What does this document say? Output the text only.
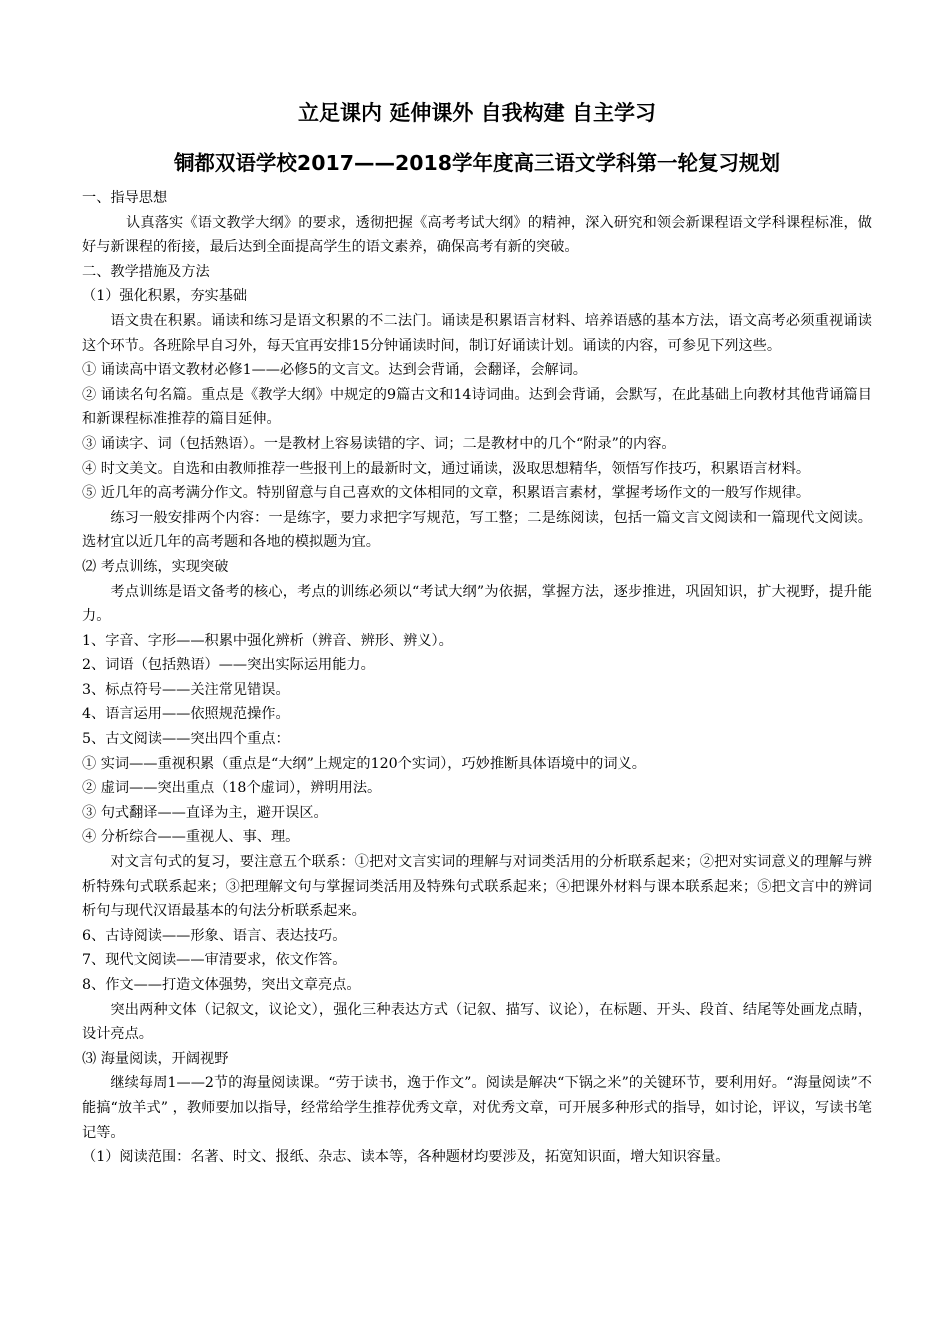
立足课内 延伸课外 自我构建 自主学习
铜都双语学校2017——2018学年度高三语文学科第一轮复习规划

一、指导思想

认真落实《语文教学大纲》的要求，透彻把握《高考考试大纲》的精神，深入研究和领会新课程语文学科课程标准，做好与新课程的衔接，最后达到全面提高学生的语文素养，确保高考有新的突破。

二、教学措施及方法

（1）强化积累，夯实基础

语文贵在积累。诵读和练习是语文积累的不二法门。诵读是积累语言材料、培养语感的基本方法，语文高考必须重视诵读这个环节。各班除早自习外，每天宜再安排15分钟诵读时间，制订好诵读计划。诵读的内容，可参见下列这些。

① 诵读高中语文教材必修1——必修5的文言文。达到会背诵，会翻译，会解词。

② 诵读名句名篇。重点是《教学大纲》中规定的9篇古文和14诗词曲。达到会背诵，会默写，在此基础上向教材其他背诵篇目和新课程标准推荐的篇目延伸。

③ 诵读字、词（包括熟语）。一是教材上容易读错的字、词；二是教材中的几个“附录”的内容。

④ 时文美文。自选和由教师推荐一些报刊上的最新时文，通过诵读，汲取思想精华，领悟写作技巧，积累语言材料。

⑤ 近几年的高考满分作文。特别留意与自己喜欢的文体相同的文章，积累语言素材，掌握考场作文的一般写作规律。

练习一般安排两个内容：一是练字，要力求把字写规范，写工整；二是练阅读，包括一篇文言文阅读和一篇现代文阅读。选材宜以近几年的高考题和各地的模拟题为宜。

⑵ 考点训练，实现突破

考点训练是语文备考的核心，考点的训练必须以“考试大纲”为依据，掌握方法，逐步推进，巩固知识，扩大视野，提升能力。

1、字音、字形——积累中强化辨析（辨音、辨形、辨义）。

2、词语（包括熟语）——突出实际运用能力。

3、标点符号——关注常见错误。

4、语言运用——依照规范操作。

5、古文阅读——突出四个重点：

① 实词——重视积累（重点是“大纲”上规定的120个实词），巧妙推断具体语境中的词义。

② 虚词——突出重点（18个虚词），辨明用法。

③ 句式翻译——直译为主，避开误区。

④ 分析综合——重视人、事、理。

对文言句式的复习，要注意五个联系：①把对文言实词的理解与对词类活用的分析联系起来；②把对实词意义的理解与辨析特殊句式联系起来；③把理解文句与掌握词类活用及特殊句式联系起来；④把课外材料与课本联系起来；⑤把文言中的辨词析句与现代汉语最基本的句法分析联系起来。

6、古诗阅读——形象、语言、表达技巧。

7、现代文阅读——审清要求，依文作答。

8、作文——打造文体强势，突出文章亮点。

突出两种文体（记叙文，议论文），强化三种表达方式（记叙、描写、议论），在标题、开头、段首、结尾等处画龙点睛，设计亮点。

⑶ 海量阅读，开阔视野

继续每周1——2节的海量阅读课。“劳于读书，逸于作文”。阅读是解决“下锅之米”的关键环节，要利用好。“海量阅读”不能搞“放羊式” ，教师要加以指导，经常给学生推荐优秀文章，对优秀文章，可开展多种形式的指导，如讨论，评议，写读书笔记等。

（1）阅读范围：名著、时文、报纸、杂志、读本等，各种题材均要涉及，拓宽知识面，增大知识容量。
